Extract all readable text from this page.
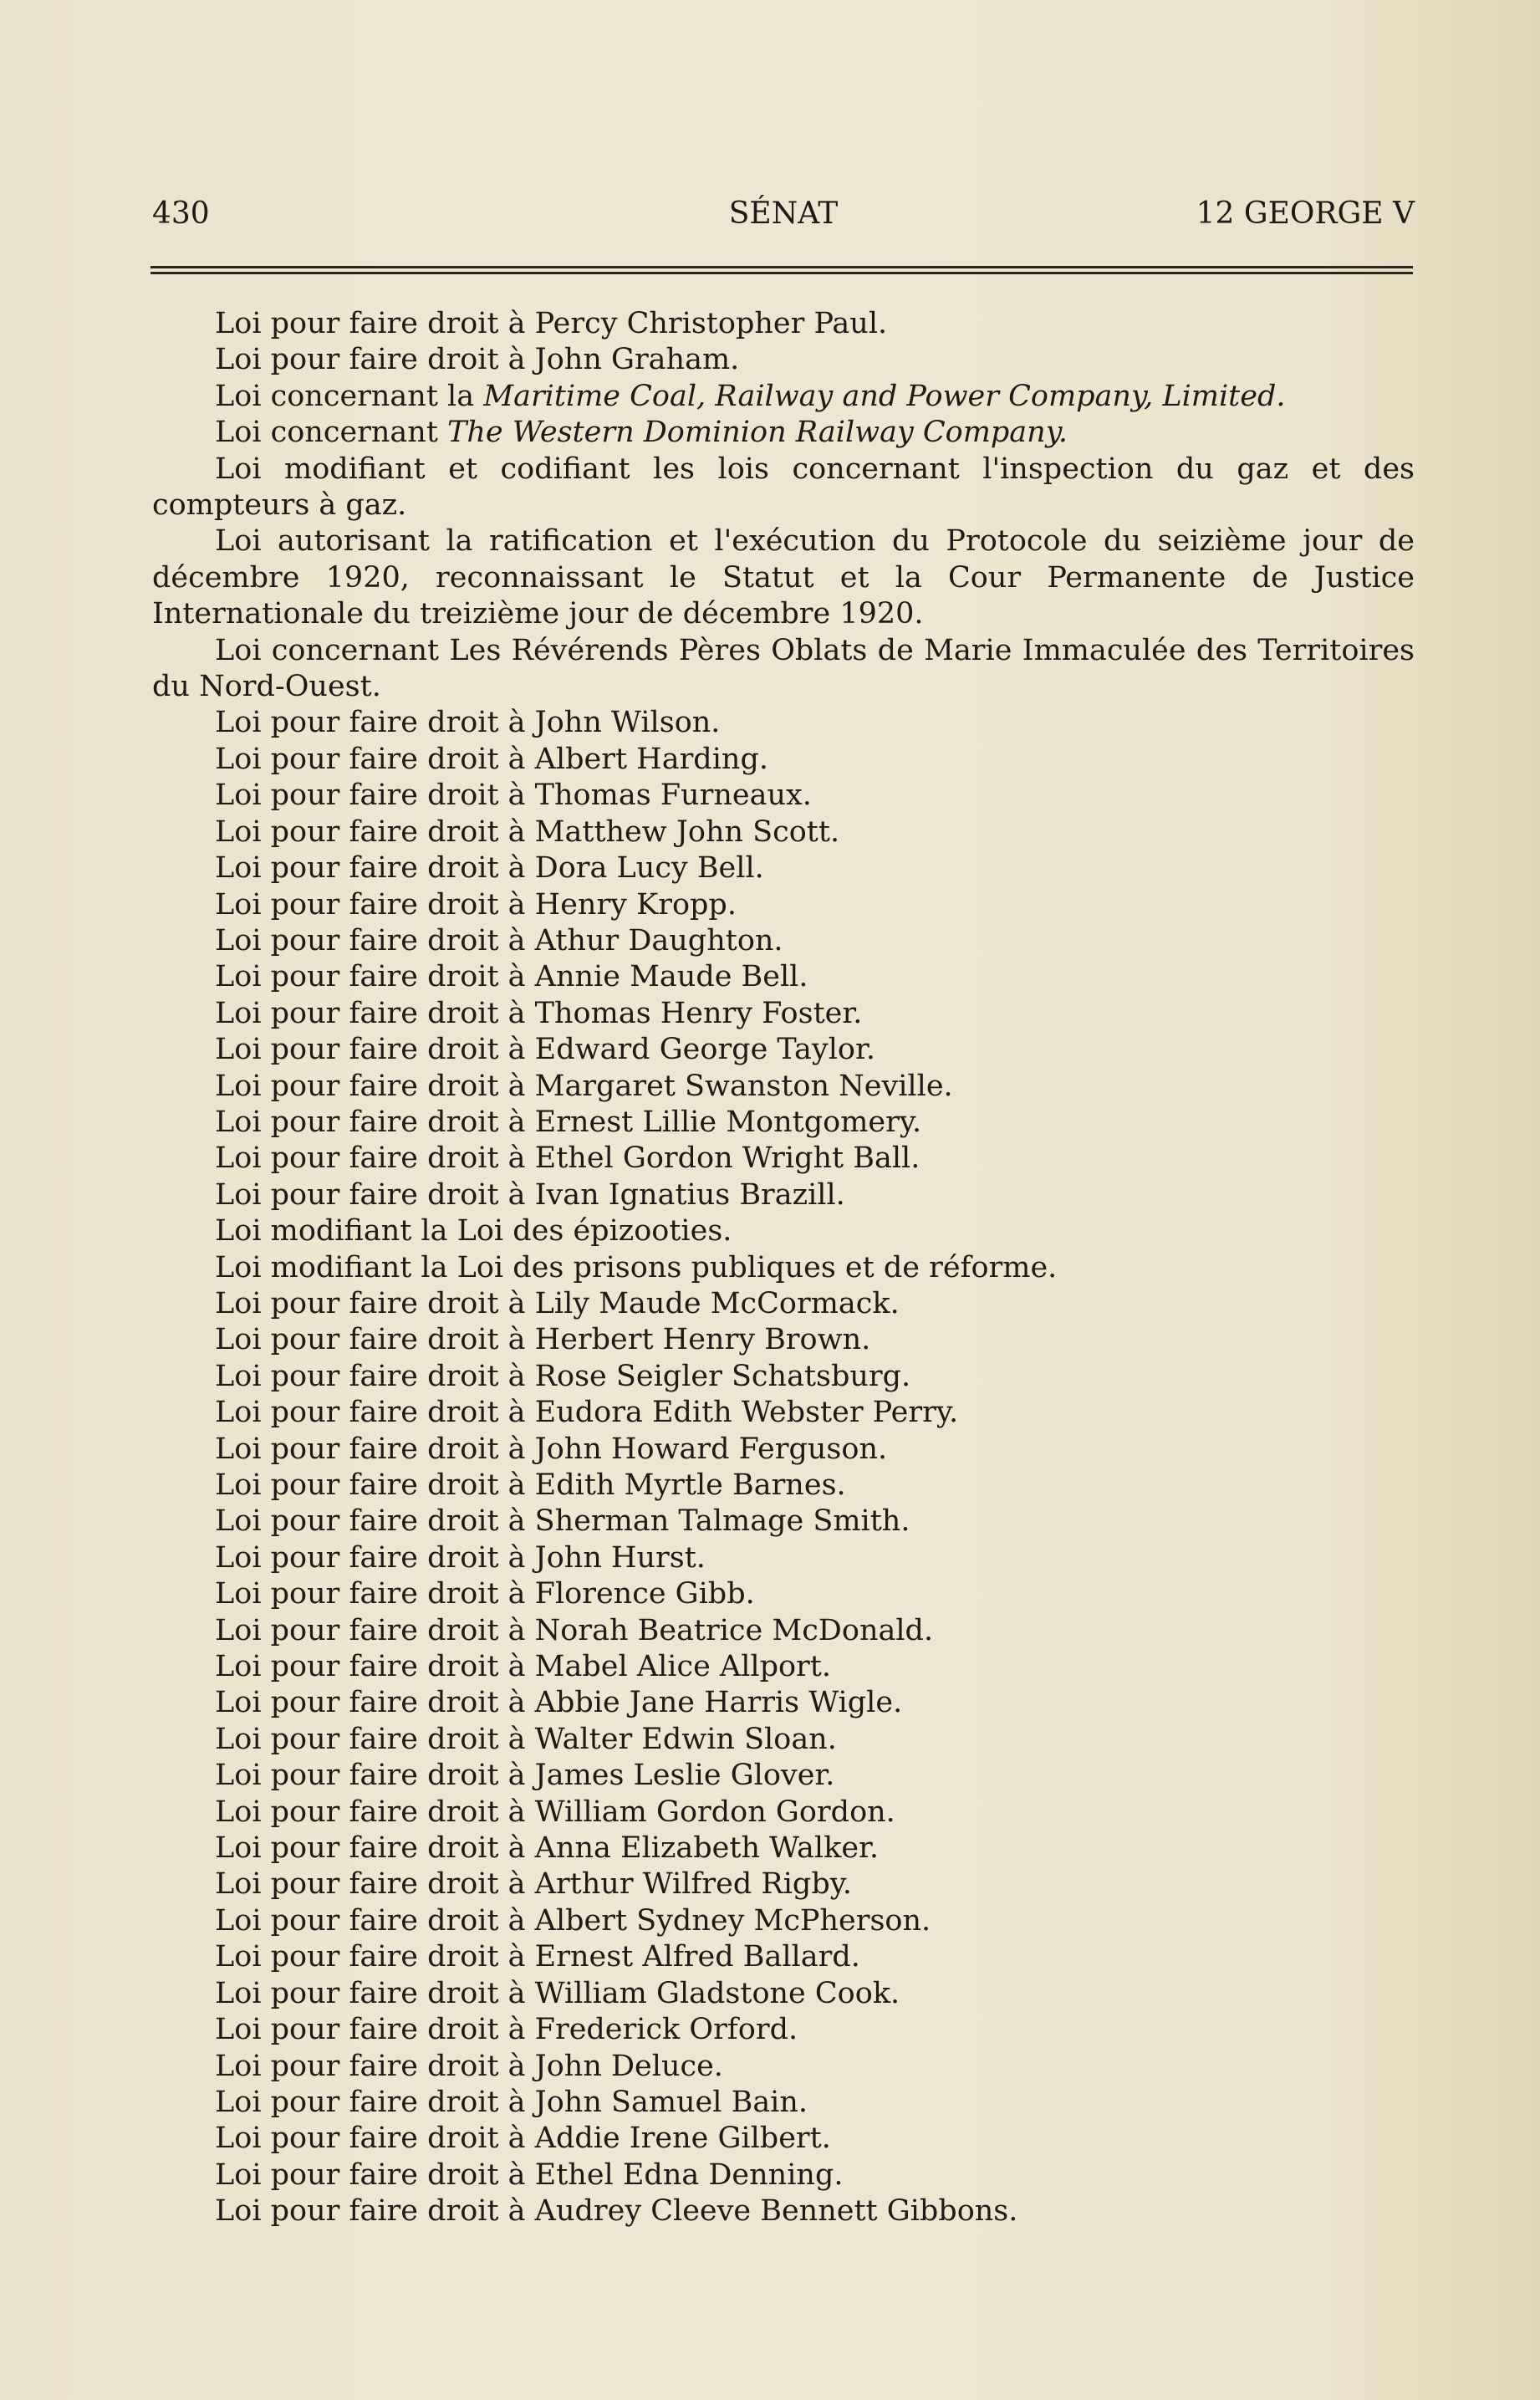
430	SÉNAT	12 GEORGE V

Loi pour faire droit à Percy Christopher Paul.

Loi pour faire droit à John Graham.

Loi concernant la Maritime Coal, Railway and Power Company, Limited.

Loi concernant The Western Dominion Railway Company.

Loi modifiant et codifiant les lois concernant l'inspection du gaz et des compteurs à gaz.

Loi autorisant la ratification et l'exécution du Protocole du seizième jour de décembre 1920, reconnaissant le Statut et la Cour Permanente de Justice Internationale du treizième jour de décembre 1920.

Loi concernant Les Révérends Pères Oblats de Marie Immaculée des Territoires du Nord-Ouest.

Loi pour faire droit à John Wilson.

Loi pour faire droit à Albert Harding.

Loi pour faire droit à Thomas Furneaux.

Loi pour faire droit à Matthew John Scott.

Loi pour faire droit à Dora Lucy Bell.

Loi pour faire droit à Henry Kropp.

Loi pour faire droit à Athur Daughton.

Loi pour faire droit à Annie Maude Bell.

Loi pour faire droit à Thomas Henry Foster.

Loi pour faire droit à Edward George Taylor.

Loi pour faire droit à Margaret Swanston Neville.

Loi pour faire droit à Ernest Lillie Montgomery.

Loi pour faire droit à Ethel Gordon Wright Ball.

Loi pour faire droit à Ivan Ignatius Brazill.

Loi modifiant la Loi des épizooties.

Loi modifiant la Loi des prisons publiques et de réforme.

Loi pour faire droit à Lily Maude McCormack.

Loi pour faire droit à Herbert Henry Brown.

Loi pour faire droit à Rose Seigler Schatsburg.

Loi pour faire droit à Eudora Edith Webster Perry.

Loi pour faire droit à John Howard Ferguson.

Loi pour faire droit à Edith Myrtle Barnes.

Loi pour faire droit à Sherman Talmage Smith.

Loi pour faire droit à John Hurst.

Loi pour faire droit à Florence Gibb.

Loi pour faire droit à Norah Beatrice McDonald.

Loi pour faire droit à Mabel Alice Allport.

Loi pour faire droit à Abbie Jane Harris Wigle.

Loi pour faire droit à Walter Edwin Sloan.

Loi pour faire droit à James Leslie Glover.

Loi pour faire droit à William Gordon Gordon.

Loi pour faire droit à Anna Elizabeth Walker.

Loi pour faire droit à Arthur Wilfred Rigby.

Loi pour faire droit à Albert Sydney McPherson.

Loi pour faire droit à Ernest Alfred Ballard.

Loi pour faire droit à William Gladstone Cook.

Loi pour faire droit à Frederick Orford.

Loi pour faire droit à John Deluce.

Loi pour faire droit à John Samuel Bain.

Loi pour faire droit à Addie Irene Gilbert.

Loi pour faire droit à Ethel Edna Denning.

Loi pour faire droit à Audrey Cleeve Bennett Gibbons.
